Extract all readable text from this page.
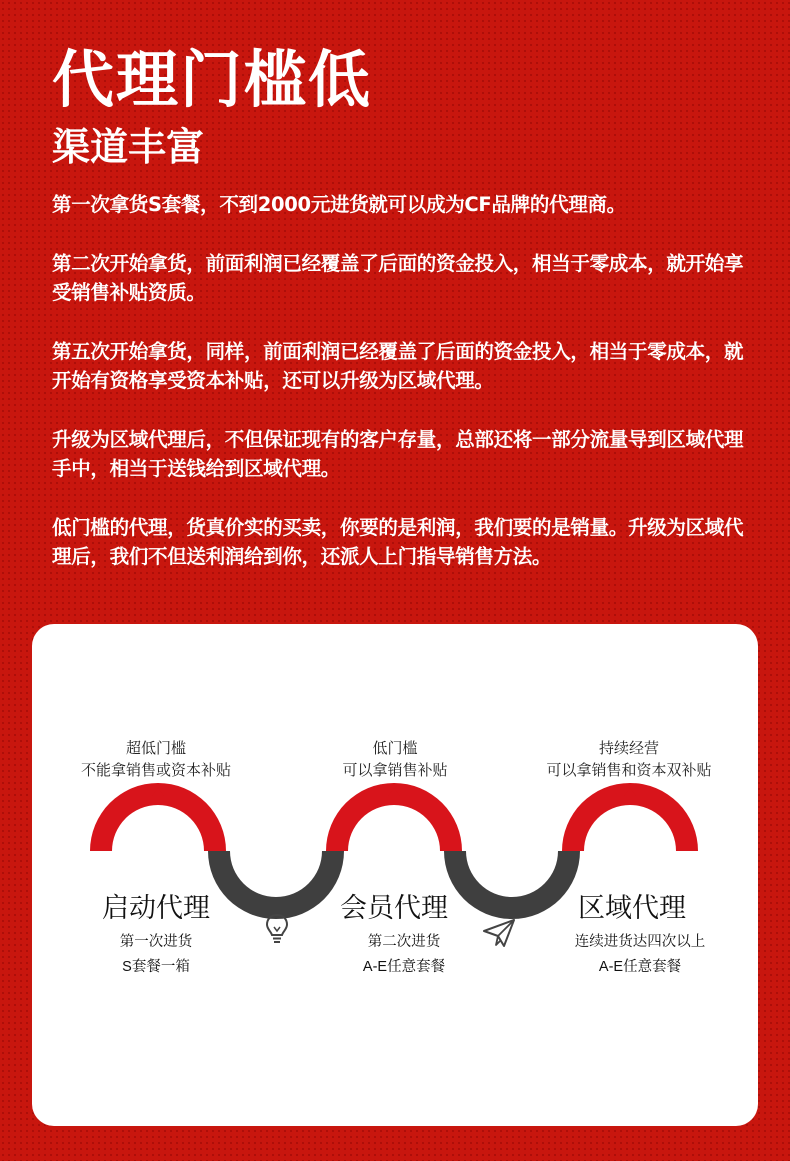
代理门槛低
渠道丰富

第一次拿货S套餐，不到2000元进货就可以成为CF品牌的代理商。

第二次开始拿货，前面利润已经覆盖了后面的资金投入，相当于零成本，就开始享受销售补贴资质。

第五次开始拿货，同样，前面利润已经覆盖了后面的资金投入，相当于零成本，就开始有资格享受资本补贴，还可以升级为区域代理。

升级为区域代理后，不但保证现有的客户存量，总部还将一部分流量导到区域代理手中，相当于送钱给到区域代理。

低门槛的代理，货真价实的买卖，你要的是利润，我们要的是销量。升级为区域代理后，我们不但送利润给到你，还派人上门指导销售方法。

超低门槛
不能拿销售或资本补贴
启动代理
第一次进货
S套餐一箱
低门槛
可以拿销售补贴
会员代理
第二次进货
A-E任意套餐
持续经营
可以拿销售和资本双补贴
区域代理
连续进货达四次以上
A-E任意套餐
